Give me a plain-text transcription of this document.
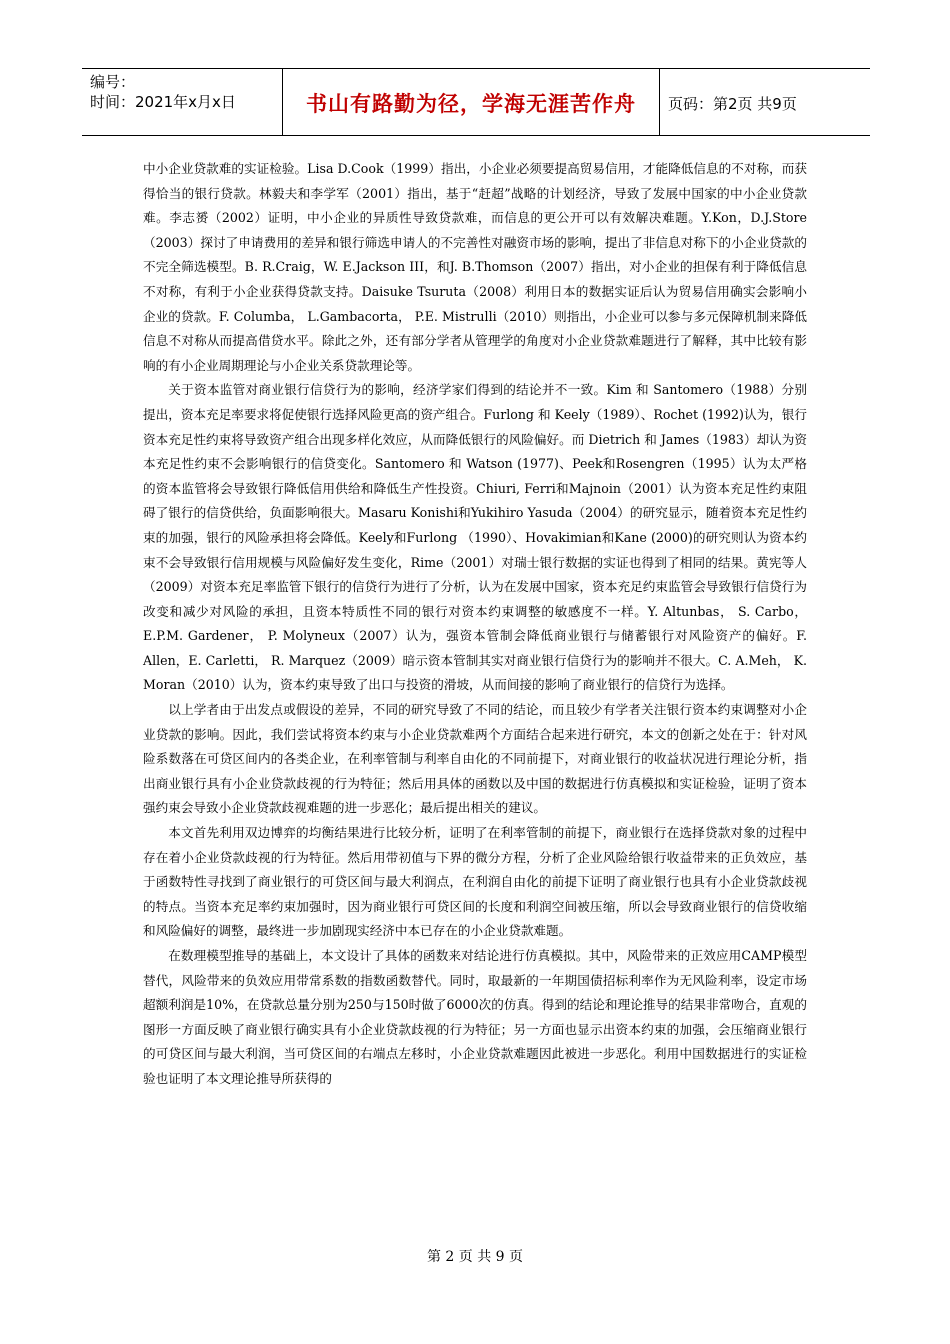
编号：
时间：2021年x月x日	书山有路勤为径，学海无涯苦作舟	页码：第2页 共9页

中小企业贷款难的实证检验。Lisa D.Cook（1999）指出，小企业必须要提高贸易信用，才能降低信息的不对称，而获得恰当的银行贷款。林毅夫和李学军（2001）指出，基于“赶超”战略的计划经济，导致了发展中国家的中小企业贷款难。李志赟（2002）证明，中小企业的异质性导致贷款难，而信息的更公开可以有效解决难题。Y.Kon，D.J.Store（2003）探讨了申请费用的差异和银行筛选申请人的不完善性对融资市场的影响，提出了非信息对称下的小企业贷款的不完全筛选模型。B. R.Craig，W. E.Jackson III，和J. B.Thomson（2007）指出，对小企业的担保有利于降低信息不对称，有利于小企业获得贷款支持。Daisuke Tsuruta（2008）利用日本的数据实证后认为贸易信用确实会影响小企业的贷款。F. Columba， L.Gambacorta， P.E. Mistrulli（2010）则指出，小企业可以参与多元保障机制来降低信息不对称从而提高借贷水平。除此之外，还有部分学者从管理学的角度对小企业贷款难题进行了解释，其中比较有影响的有小企业周期理论与小企业关系贷款理论等。

关于资本监管对商业银行信贷行为的影响，经济学家们得到的结论并不一致。Kim 和 Santomero（1988）分别提出，资本充足率要求将促使银行选择风险更高的资产组合。Furlong 和 Keely（1989）、Rochet (1992)认为，银行资本充足性约束将导致资产组合出现多样化效应，从而降低银行的风险偏好。而 Dietrich 和 James（1983）却认为资本充足性约束不会影响银行的信贷变化。Santomero 和 Watson (1977)、Peek和Rosengren（1995）认为太严格的资本监管将会导致银行降低信用供给和降低生产性投资。Chiuri, Ferri和Majnoin（2001）认为资本充足性约束阻碍了银行的信贷供给，负面影响很大。Masaru Konishi和Yukihiro Yasuda（2004）的研究显示，随着资本充足性约束的加强，银行的风险承担将会降低。Keely和Furlong （1990）、Hovakimian和Kane (2000)的研究则认为资本约束不会导致银行信用规模与风险偏好发生变化，Rime（2001）对瑞士银行数据的实证也得到了相同的结果。黄宪等人（2009）对资本充足率监管下银行的信贷行为进行了分析，认为在发展中国家，资本充足约束监管会导致银行信贷行为改变和减少对风险的承担，且资本特质性不同的银行对资本约束调整的敏感度不一样。Y. Altunbas， S. Carbo，E.P.M. Gardener， P. Molyneux（2007）认为，强资本管制会降低商业银行与储蓄银行对风险资产的偏好。F. Allen，E. Carletti， R. Marquez（2009）暗示资本管制其实对商业银行信贷行为的影响并不很大。C. A.Meh， K. Moran（2010）认为，资本约束导致了出口与投资的滑坡，从而间接的影响了商业银行的信贷行为选择。

以上学者由于出发点或假设的差异，不同的研究导致了不同的结论，而且较少有学者关注银行资本约束调整对小企业贷款的影响。因此，我们尝试将资本约束与小企业贷款难两个方面结合起来进行研究，本文的创新之处在于：针对风险系数落在可贷区间内的各类企业，在利率管制与利率自由化的不同前提下，对商业银行的收益状况进行理论分析，指出商业银行具有小企业贷款歧视的行为特征；然后用具体的函数以及中国的数据进行仿真模拟和实证检验，证明了资本强约束会导致小企业贷款歧视难题的进一步恶化；最后提出相关的建议。

本文首先利用双边博弈的均衡结果进行比较分析，证明了在利率管制的前提下，商业银行在选择贷款对象的过程中存在着小企业贷款歧视的行为特征。然后用带初值与下界的微分方程，分析了企业风险给银行收益带来的正负效应，基于函数特性寻找到了商业银行的可贷区间与最大利润点，在利润自由化的前提下证明了商业银行也具有小企业贷款歧视的特点。当资本充足率约束加强时，因为商业银行可贷区间的长度和利润空间被压缩，所以会导致商业银行的信贷收缩和风险偏好的调整，最终进一步加剧现实经济中本已存在的小企业贷款难题。

在数理模型推导的基础上，本文设计了具体的函数来对结论进行仿真模拟。其中，风险带来的正效应用CAMP模型替代，风险带来的负效应用带常系数的指数函数替代。同时，取最新的一年期国债招标利率作为无风险利率，设定市场超额利润是10%，在贷款总量分别为250与150时做了6000次的仿真。得到的结论和理论推导的结果非常吻合，直观的图形一方面反映了商业银行确实具有小企业贷款歧视的行为特征；另一方面也显示出资本约束的加强，会压缩商业银行的可贷区间与最大利润，当可贷区间的右端点左移时，小企业贷款难题因此被进一步恶化。利用中国数据进行的实证检验也证明了本文理论推导所获得的

第 2 页 共 9 页
